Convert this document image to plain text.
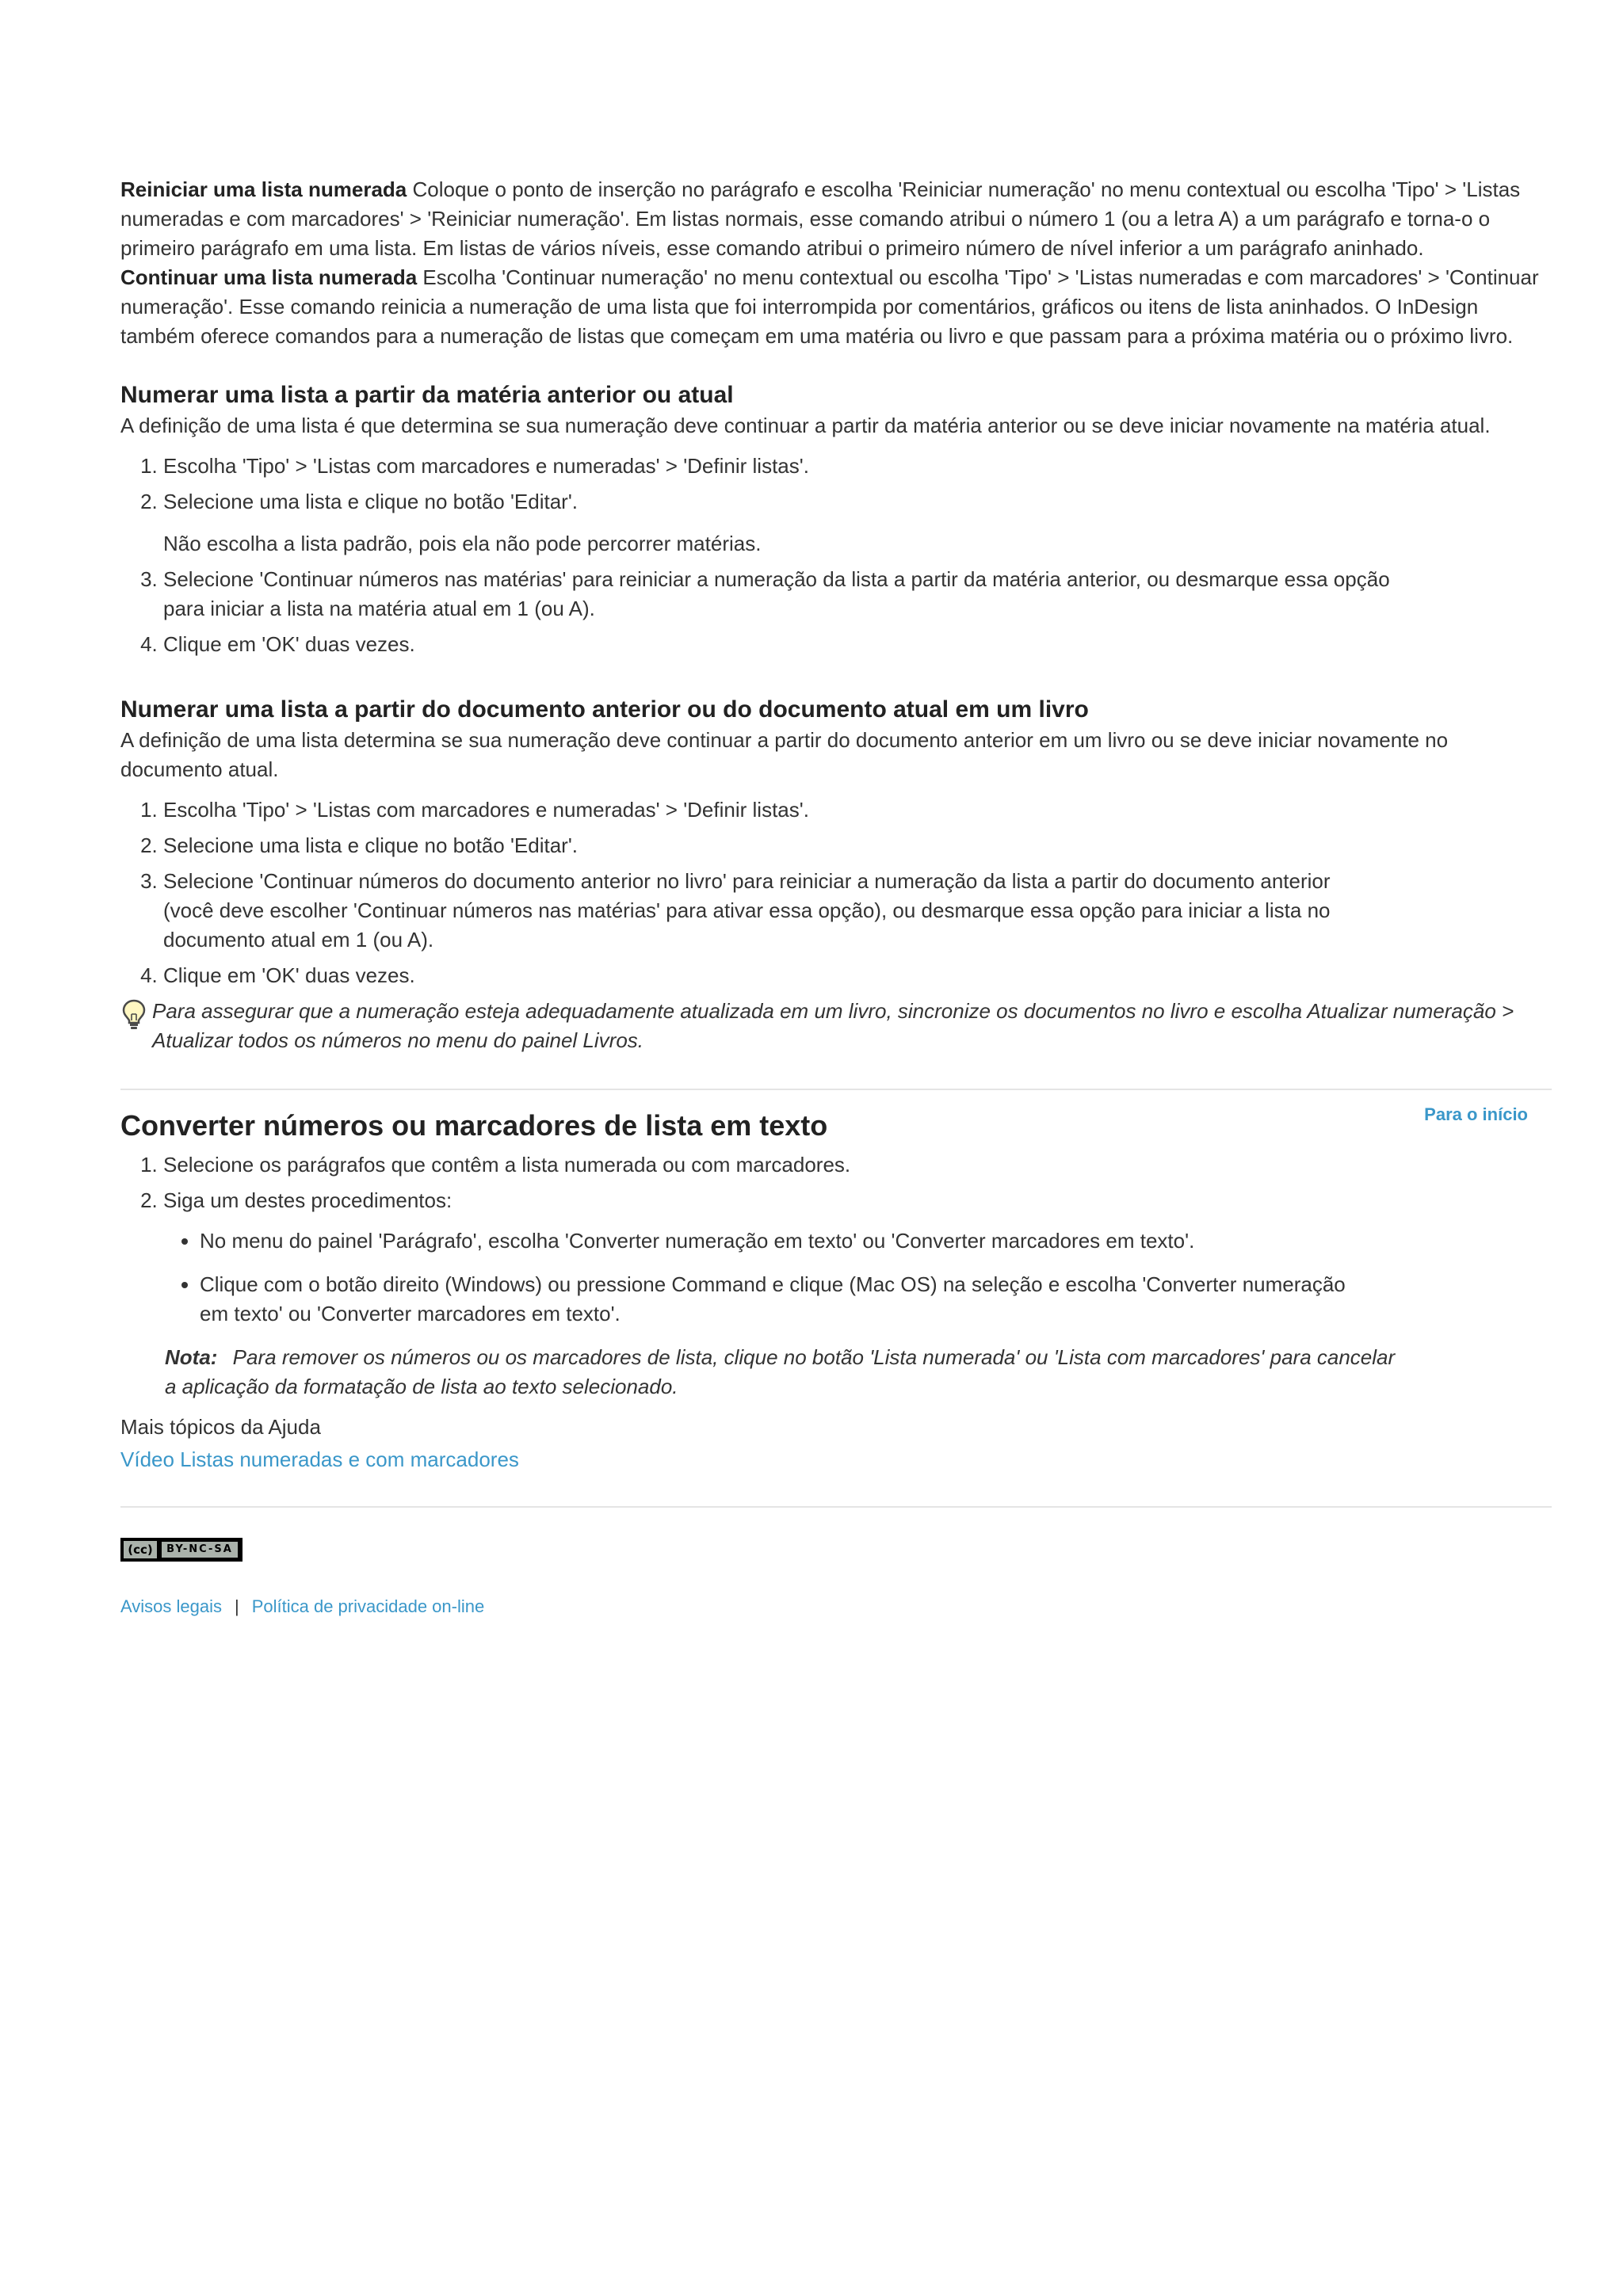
Reiniciar uma lista numerada Coloque o ponto de inserção no parágrafo e escolha 'Reiniciar numeração' no menu contextual ou escolha 'Tipo' > 'Listas numeradas e com marcadores' > 'Reiniciar numeração'. Em listas normais, esse comando atribui o número 1 (ou a letra A) a um parágrafo e torna-o o primeiro parágrafo em uma lista. Em listas de vários níveis, esse comando atribui o primeiro número de nível inferior a um parágrafo aninhado.

Continuar uma lista numerada Escolha 'Continuar numeração' no menu contextual ou escolha 'Tipo' > 'Listas numeradas e com marcadores' > 'Continuar numeração'. Esse comando reinicia a numeração de uma lista que foi interrompida por comentários, gráficos ou itens de lista aninhados. O InDesign também oferece comandos para a numeração de listas que começam em uma matéria ou livro e que passam para a próxima matéria ou o próximo livro.

Numerar uma lista a partir da matéria anterior ou atual

A definição de uma lista é que determina se sua numeração deve continuar a partir da matéria anterior ou se deve iniciar novamente na matéria atual.

1. Escolha 'Tipo' > 'Listas com marcadores e numeradas' > 'Definir listas'.
2. Selecione uma lista e clique no botão 'Editar'.

Não escolha a lista padrão, pois ela não pode percorrer matérias.

3. Selecione 'Continuar números nas matérias' para reiniciar a numeração da lista a partir da matéria anterior, ou desmarque essa opção para iniciar a lista na matéria atual em 1 (ou A).
4. Clique em 'OK' duas vezes.
Numerar uma lista a partir do documento anterior ou do documento atual em um livro

A definição de uma lista determina se sua numeração deve continuar a partir do documento anterior em um livro ou se deve iniciar novamente no documento atual.

1. Escolha 'Tipo' > 'Listas com marcadores e numeradas' > 'Definir listas'.
2. Selecione uma lista e clique no botão 'Editar'.
3. Selecione 'Continuar números do documento anterior no livro' para reiniciar a numeração da lista a partir do documento anterior (você deve escolher 'Continuar números nas matérias' para ativar essa opção), ou desmarque essa opção para iniciar a lista no documento atual em 1 (ou A).
4. Clique em 'OK' duas vezes.
Para assegurar que a numeração esteja adequadamente atualizada em um livro, sincronize os documentos no livro e escolha Atualizar numeração > Atualizar todos os números no menu do painel Livros.
Para o início
Converter números ou marcadores de lista em texto
1. Selecione os parágrafos que contêm a lista numerada ou com marcadores.
2. Siga um destes procedimentos:
• No menu do painel 'Parágrafo', escolha 'Converter numeração em texto' ou 'Converter marcadores em texto'.
• Clique com o botão direito (Windows) ou pressione Command e clique (Mac OS) na seleção e escolha 'Converter numeração em texto' ou 'Converter marcadores em texto'.

Nota: Para remover os números ou os marcadores de lista, clique no botão 'Lista numerada' ou 'Lista com marcadores' para cancelar a aplicação da formatação de lista ao texto selecionado.

Mais tópicos da Ajuda

Vídeo Listas numeradas e com marcadores

(cc)	BY-NC-SA

Avisos legais | Política de privacidade on-line
